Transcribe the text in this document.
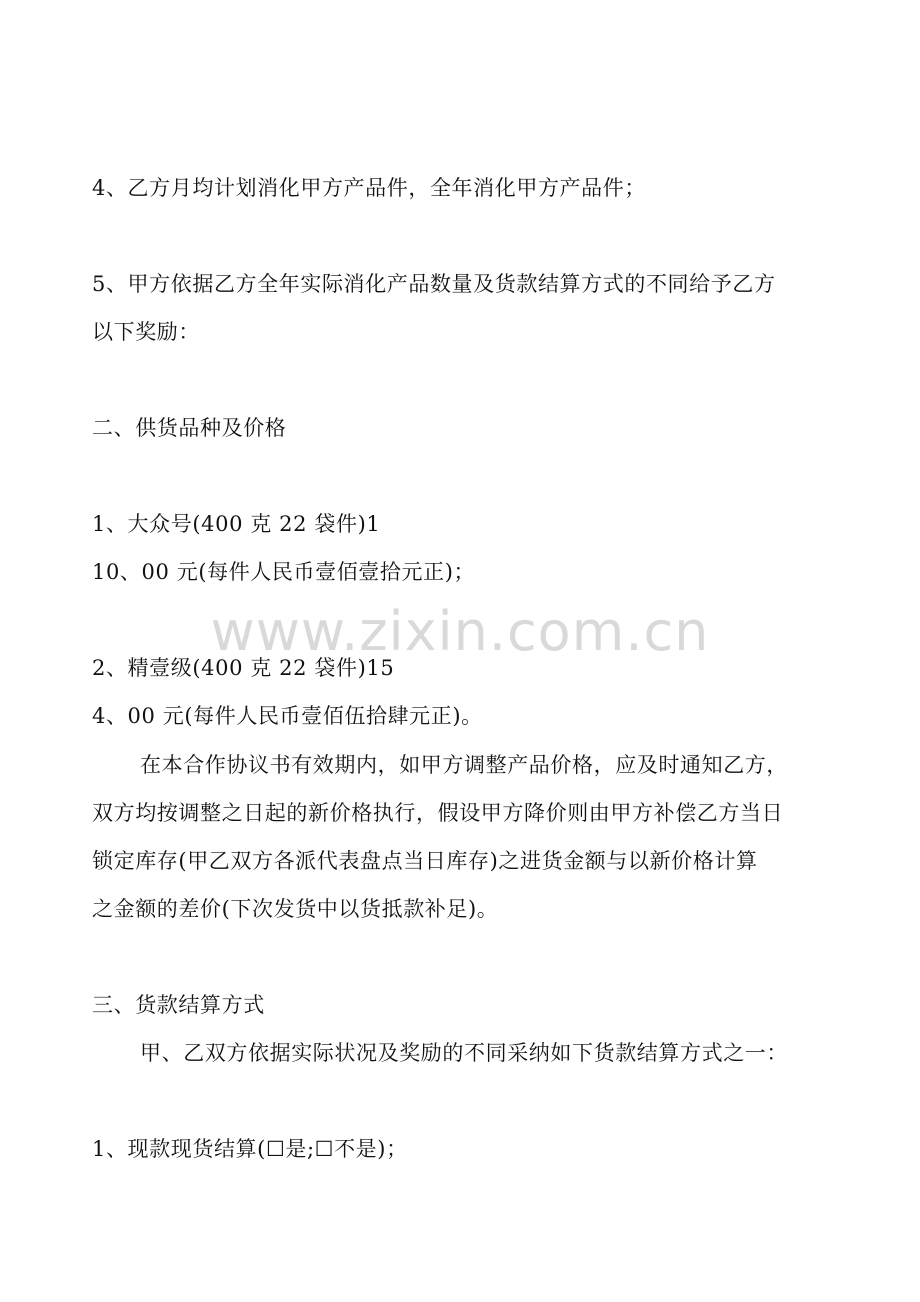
4、乙方月均计划消化甲方产品件，全年消化甲方产品件；
5、甲方依据乙方全年实际消化产品数量及货款结算方式的不同给予乙方
以下奖励：
二、供货品种及价格
1、大众号(400 克 22 袋件)1
10、00 元(每件人民币壹佰壹拾元正)；
2、精壹级(400 克 22 袋件)15
4、00 元(每件人民币壹佰伍拾肆元正)。
在本合作协议书有效期内，如甲方调整产品价格，应及时通知乙方，
双方均按调整之日起的新价格执行，假设甲方降价则由甲方补偿乙方当日
锁定库存(甲乙双方各派代表盘点当日库存)之进货金额与以新价格计算
之金额的差价(下次发货中以货抵款补足)。
三、货款结算方式
甲、乙双方依据实际状况及奖励的不同采纳如下货款结算方式之一：
1、现款现货结算(☐是;☐不是)；
www.zixin.com.cn
